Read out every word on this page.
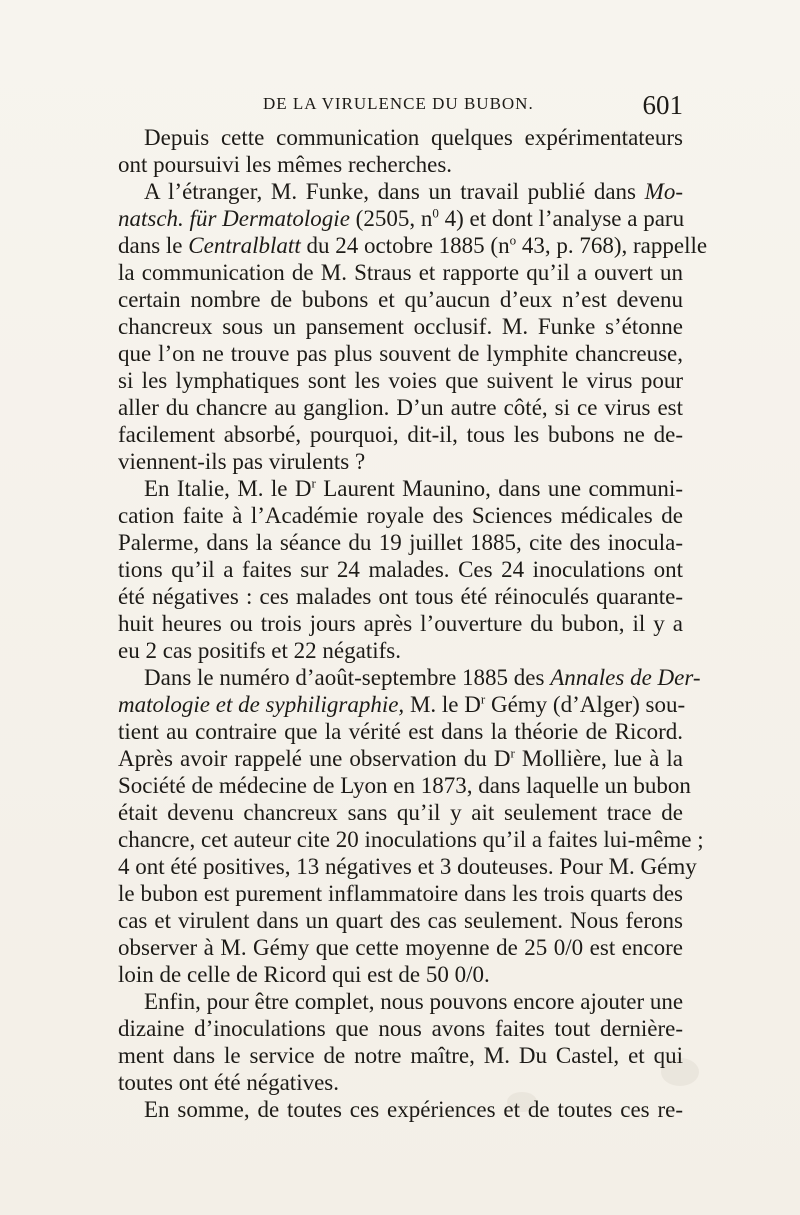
DE LA VIRULENCE DU BUBON.	601
Depuis cette communication quelques expérimentateurs
ont poursuivi les mêmes recherches.
A l’étranger, M. Funke, dans un travail publié dans Mo-
natsch. für Dermatologie (2505, $n^0$ 4) et dont l’analyse a paru
dans le Centralblatt du 24 octobre 1885 ($n^o$ 43, p. 768), rappelle
la communication de M. Straus et rapporte qu’il a ouvert un
certain nombre de bubons et qu’aucun d’eux n’est devenu
chancreux sous un pansement occlusif. M. Funke s’étonne
que l’on ne trouve pas plus souvent de lymphite chancreuse,
si les lymphatiques sont les voies que suivent le virus pour
aller du chancre au ganglion. D’un autre côté, si ce virus est
facilement absorbé, pourquoi, dit-il, tous les bubons ne de-
viennent-ils pas virulents ?
En Italie, M. le $D^r$ Laurent Maunino, dans une communi-
cation faite à l’Académie royale des Sciences médicales de
Palerme, dans la séance du 19 juillet 1885, cite des inocula-
tions qu’il a faites sur 24 malades. Ces 24 inoculations ont
été négatives : ces malades ont tous été réinoculés quarante-
huit heures ou trois jours après l’ouverture du bubon, il y a
eu 2 cas positifs et 22 négatifs.
Dans le numéro d’août-septembre 1885 des Annales de Der-
matologie et de syphiligraphie, M. le $D^r$ Gémy (d’Alger) sou-
tient au contraire que la vérité est dans la théorie de Ricord.
Après avoir rappelé une observation du $D^r$ Mollière, lue à la
Société de médecine de Lyon en 1873, dans laquelle un bubon
était devenu chancreux sans qu’il y ait seulement trace de
chancre, cet auteur cite 20 inoculations qu’il a faites lui-même ;
4 ont été positives, 13 négatives et 3 douteuses. Pour M. Gémy
le bubon est purement inflammatoire dans les trois quarts des
cas et virulent dans un quart des cas seulement. Nous ferons
observer à M. Gémy que cette moyenne de 25 0/0 est encore
loin de celle de Ricord qui est de 50 0/0.
Enfin, pour être complet, nous pouvons encore ajouter une
dizaine d’inoculations que nous avons faites tout dernière-
ment dans le service de notre maître, M. Du Castel, et qui
toutes ont été négatives.
En somme, de toutes ces expériences et de toutes ces re-
